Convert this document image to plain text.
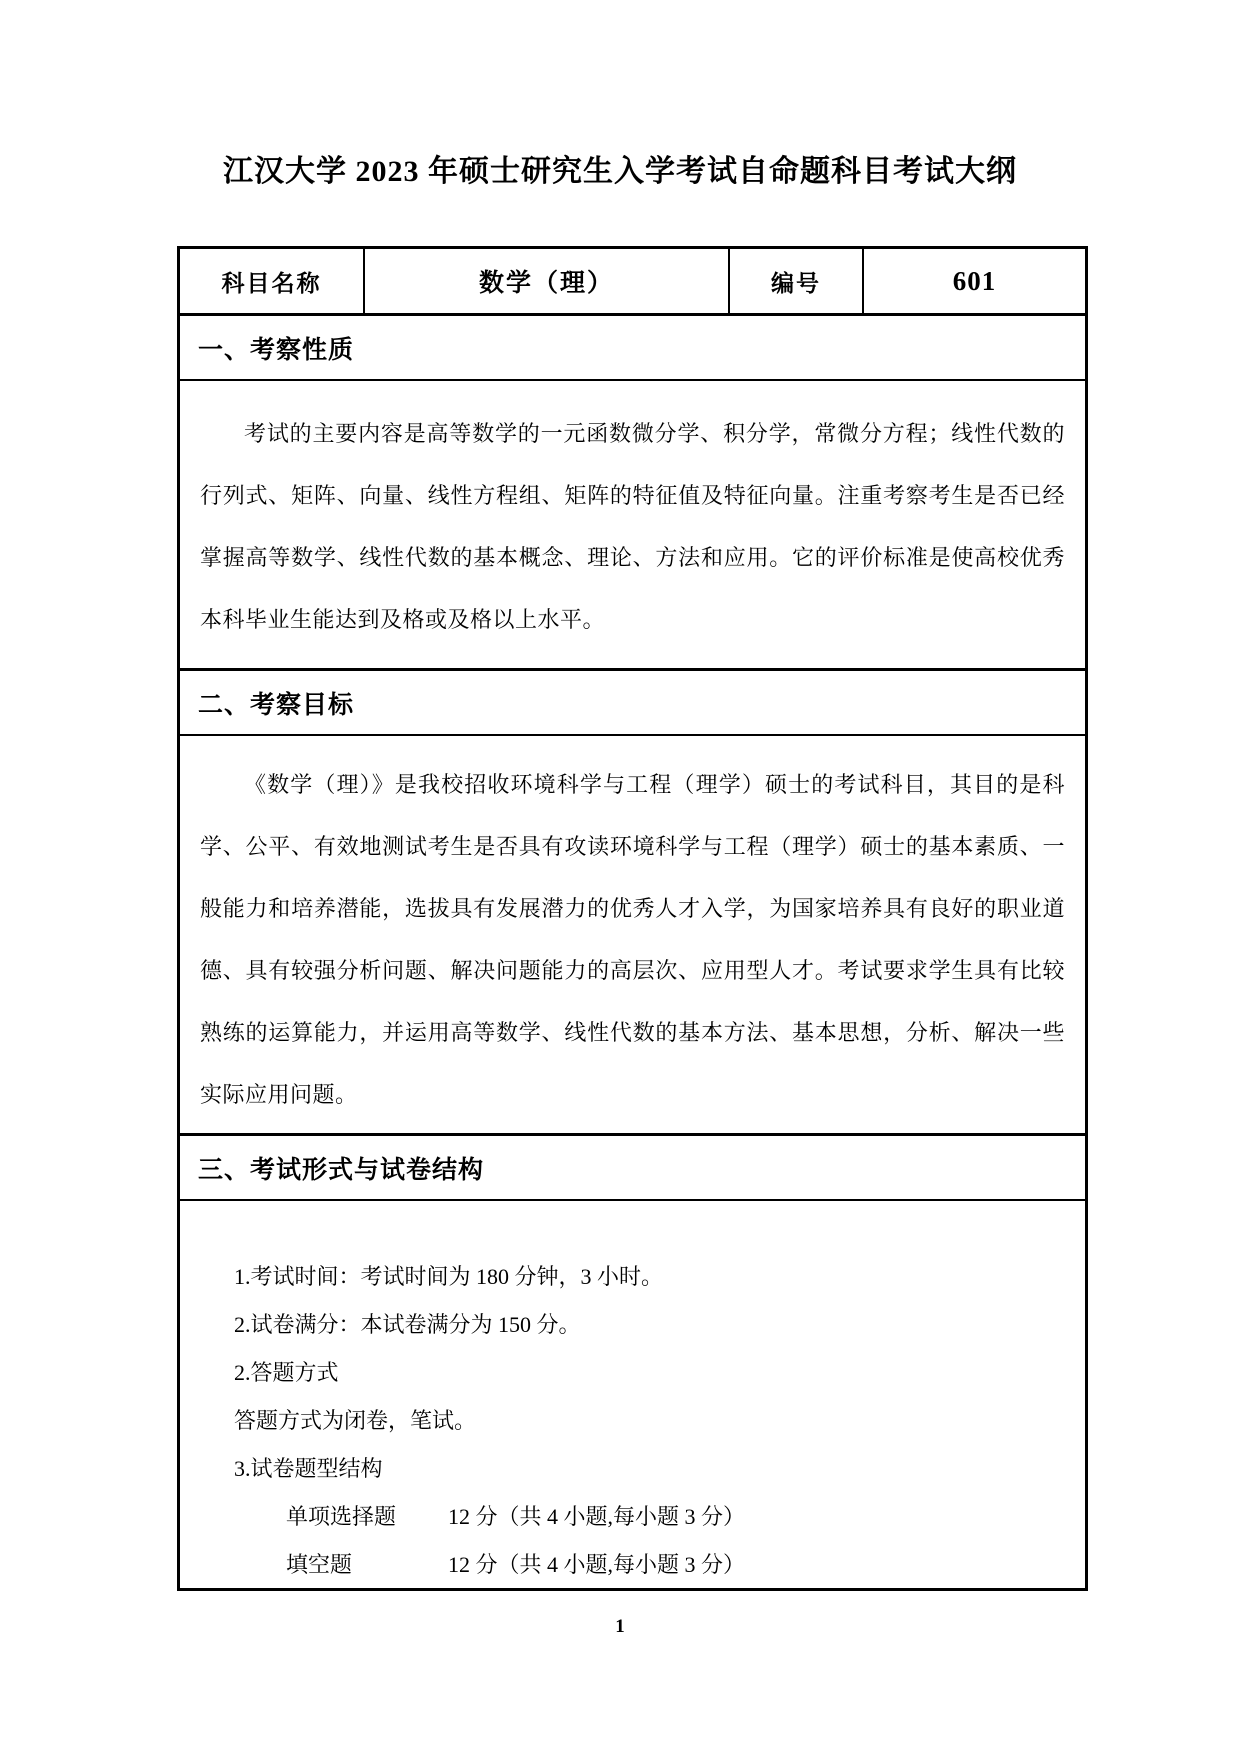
江汉大学 2023 年硕士研究生入学考试自命题科目考试大纲
科目名称	数学（理）	编号	601
一、考察性质

考试的主要内容是高等数学的一元函数微分学、积分学，常微分方程；线性代数的行列式、矩阵、向量、线性方程组、矩阵的特征值及特征向量。注重考察考生是否已经掌握高等数学、线性代数的基本概念、理论、方法和应用。它的评价标准是使高校优秀本科毕业生能达到及格或及格以上水平。

二、考察目标

《数学（理）》是我校招收环境科学与工程（理学）硕士的考试科目，其目的是科学、公平、有效地测试考生是否具有攻读环境科学与工程（理学）硕士的基本素质、一般能力和培养潜能，选拔具有发展潜力的优秀人才入学，为国家培养具有良好的职业道德、具有较强分析问题、解决问题能力的高层次、应用型人才。考试要求学生具有比较熟练的运算能力，并运用高等数学、线性代数的基本方法、基本思想，分析、解决一些实际应用问题。

三、考试形式与试卷结构
1.考试时间：考试时间为 180 分钟，3 小时。
2.试卷满分：本试卷满分为 150 分。
2.答题方式
答题方式为闭卷，笔试。
3.试卷题型结构
单项选择题	12 分（共 4 小题,每小题 3 分）
填空题	12 分（共 4 小题,每小题 3 分）
1
